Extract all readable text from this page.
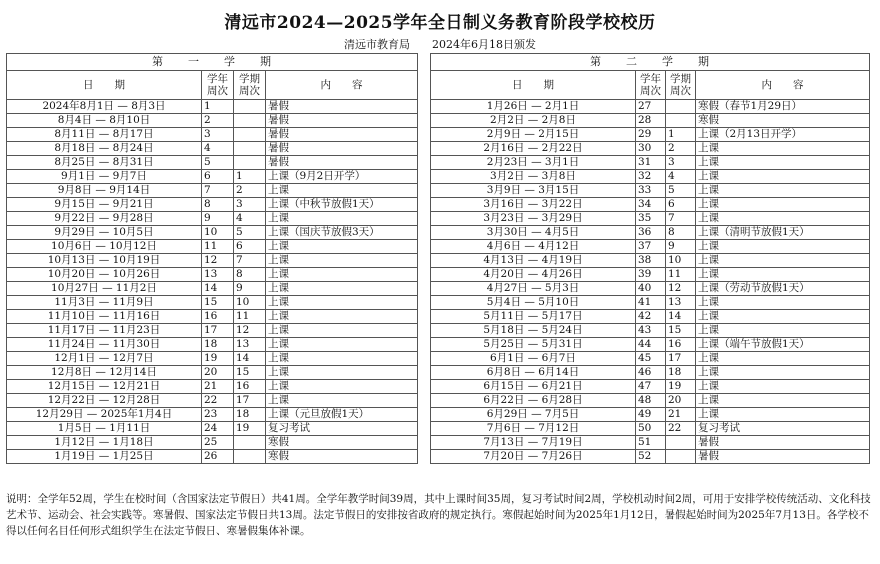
清远市2024—2025学年全日制义务教育阶段学校校历
清远市教育局　　2024年6月18日颁发
第　　一　　学　　期			
日　　期	学年周次	学期周次	内　　容
2024年8月1日 — 8月3日	1		暑假
8月4日 — 8月10日	2		暑假
8月11日 — 8月17日	3		暑假
8月18日 — 8月24日	4		暑假
8月25日 — 8月31日	5		暑假
9月1日 — 9月7日	6	1	上课（9月2日开学）
9月8日 — 9月14日	7	2	上课
9月15日 — 9月21日	8	3	上课（中秋节放假1天）
9月22日 — 9月28日	9	4	上课
9月29日 — 10月5日	10	5	上课（国庆节放假3天）
10月6日 — 10月12日	11	6	上课
10月13日 — 10月19日	12	7	上课
10月20日 — 10月26日	13	8	上课
10月27日 — 11月2日	14	9	上课
11月3日 — 11月9日	15	10	上课
11月10日 — 11月16日	16	11	上课
11月17日 — 11月23日	17	12	上课
11月24日 — 11月30日	18	13	上课
12月1日 — 12月7日	19	14	上课
12月8日 — 12月14日	20	15	上课
12月15日 — 12月21日	21	16	上课
12月22日 — 12月28日	22	17	上课
12月29日 — 2025年1月4日	23	18	上课（元旦放假1天）
1月5日 — 1月11日	24	19	复习考试
1月12日 — 1月18日	25		寒假
1月19日 — 1月25日	26		寒假
第　　二　　学　　期			
日　　期	学年周次	学期周次	内　　容
1月26日 — 2月1日	27		寒假（春节1月29日）
2月2日 — 2月8日	28		寒假
2月9日 — 2月15日	29	1	上课（2月13日开学）
2月16日 — 2月22日	30	2	上课
2月23日 — 3月1日	31	3	上课
3月2日 — 3月8日	32	4	上课
3月9日 — 3月15日	33	5	上课
3月16日 — 3月22日	34	6	上课
3月23日 — 3月29日	35	7	上课
3月30日 — 4月5日	36	8	上课（清明节放假1天）
4月6日 — 4月12日	37	9	上课
4月13日 — 4月19日	38	10	上课
4月20日 — 4月26日	39	11	上课
4月27日 — 5月3日	40	12	上课（劳动节放假1天）
5月4日 — 5月10日	41	13	上课
5月11日 — 5月17日	42	14	上课
5月18日 — 5月24日	43	15	上课
5月25日 — 5月31日	44	16	上课（端午节放假1天）
6月1日 — 6月7日	45	17	上课
6月8日 — 6月14日	46	18	上课
6月15日 — 6月21日	47	19	上课
6月22日 — 6月28日	48	20	上课
6月29日 — 7月5日	49	21	上课
7月6日 — 7月12日	50	22	复习考试
7月13日 — 7月19日	51		暑假
7月20日 — 7月26日	52		暑假
说明：全学年52周，学生在校时间（含国家法定节假日）共41周。全学年教学时间39周，其中上课时间35周，复习考试时间2周，学校机动时间2周，可用于安排学校传统活动、文化科技艺术节、运动会、社会实践等。寒暑假、国家法定节假日共13周。法定节假日的安排按省政府的规定执行。寒假起始时间为2025年1月12日，暑假起始时间为2025年7月13日。各学校不得以任何名目任何形式组织学生在法定节假日、寒暑假集体补课。
